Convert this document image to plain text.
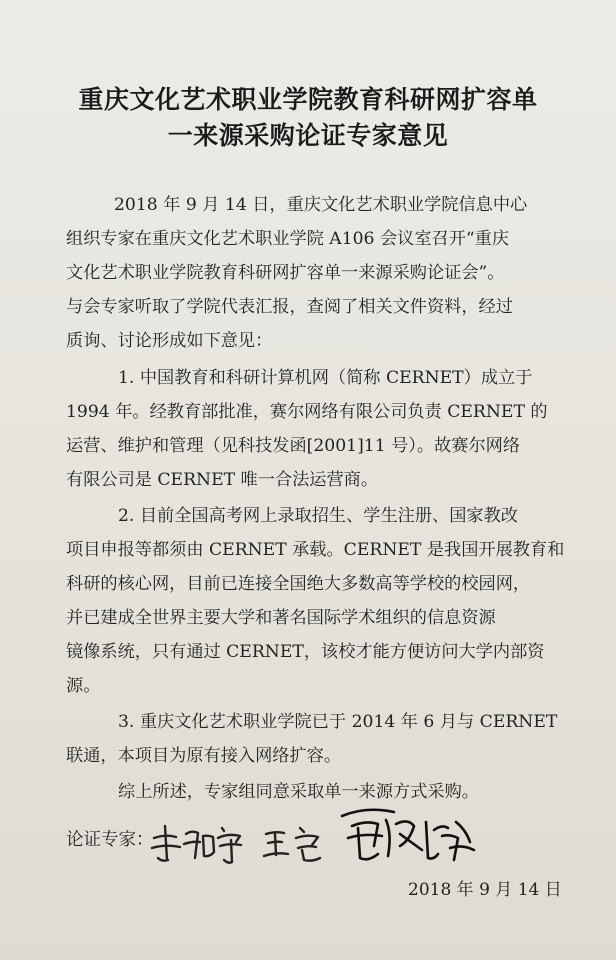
重庆文化艺术职业学院教育科研网扩容单
一来源采购论证专家意见
2018 年 9 月 14 日，重庆文化艺术职业学院信息中心
组织专家在重庆文化艺术职业学院 A106 会议室召开“重庆
文化艺术职业学院教育科研网扩容单一来源采购论证会”。
与会专家听取了学院代表汇报，查阅了相关文件资料，经过
质询、讨论形成如下意见：
1. 中国教育和科研计算机网（简称 CERNET）成立于
1994 年。经教育部批准，赛尔网络有限公司负责 CERNET 的
运营、维护和管理（见科技发函[2001]11 号）。故赛尔网络
有限公司是 CERNET 唯一合法运营商。
2. 目前全国高考网上录取招生、学生注册、国家教改
项目申报等都须由 CERNET 承载。CERNET 是我国开展教育和
科研的核心网，目前已连接全国绝大多数高等学校的校园网，
并已建成全世界主要大学和著名国际学术组织的信息资源
镜像系统，只有通过 CERNET，该校才能方便访问大学内部资
源。
3. 重庆文化艺术职业学院已于 2014 年 6 月与 CERNET
联通，本项目为原有接入网络扩容。
综上所述，专家组同意采取单一来源方式采购。
论证专家：
2018 年 9 月 14 日
